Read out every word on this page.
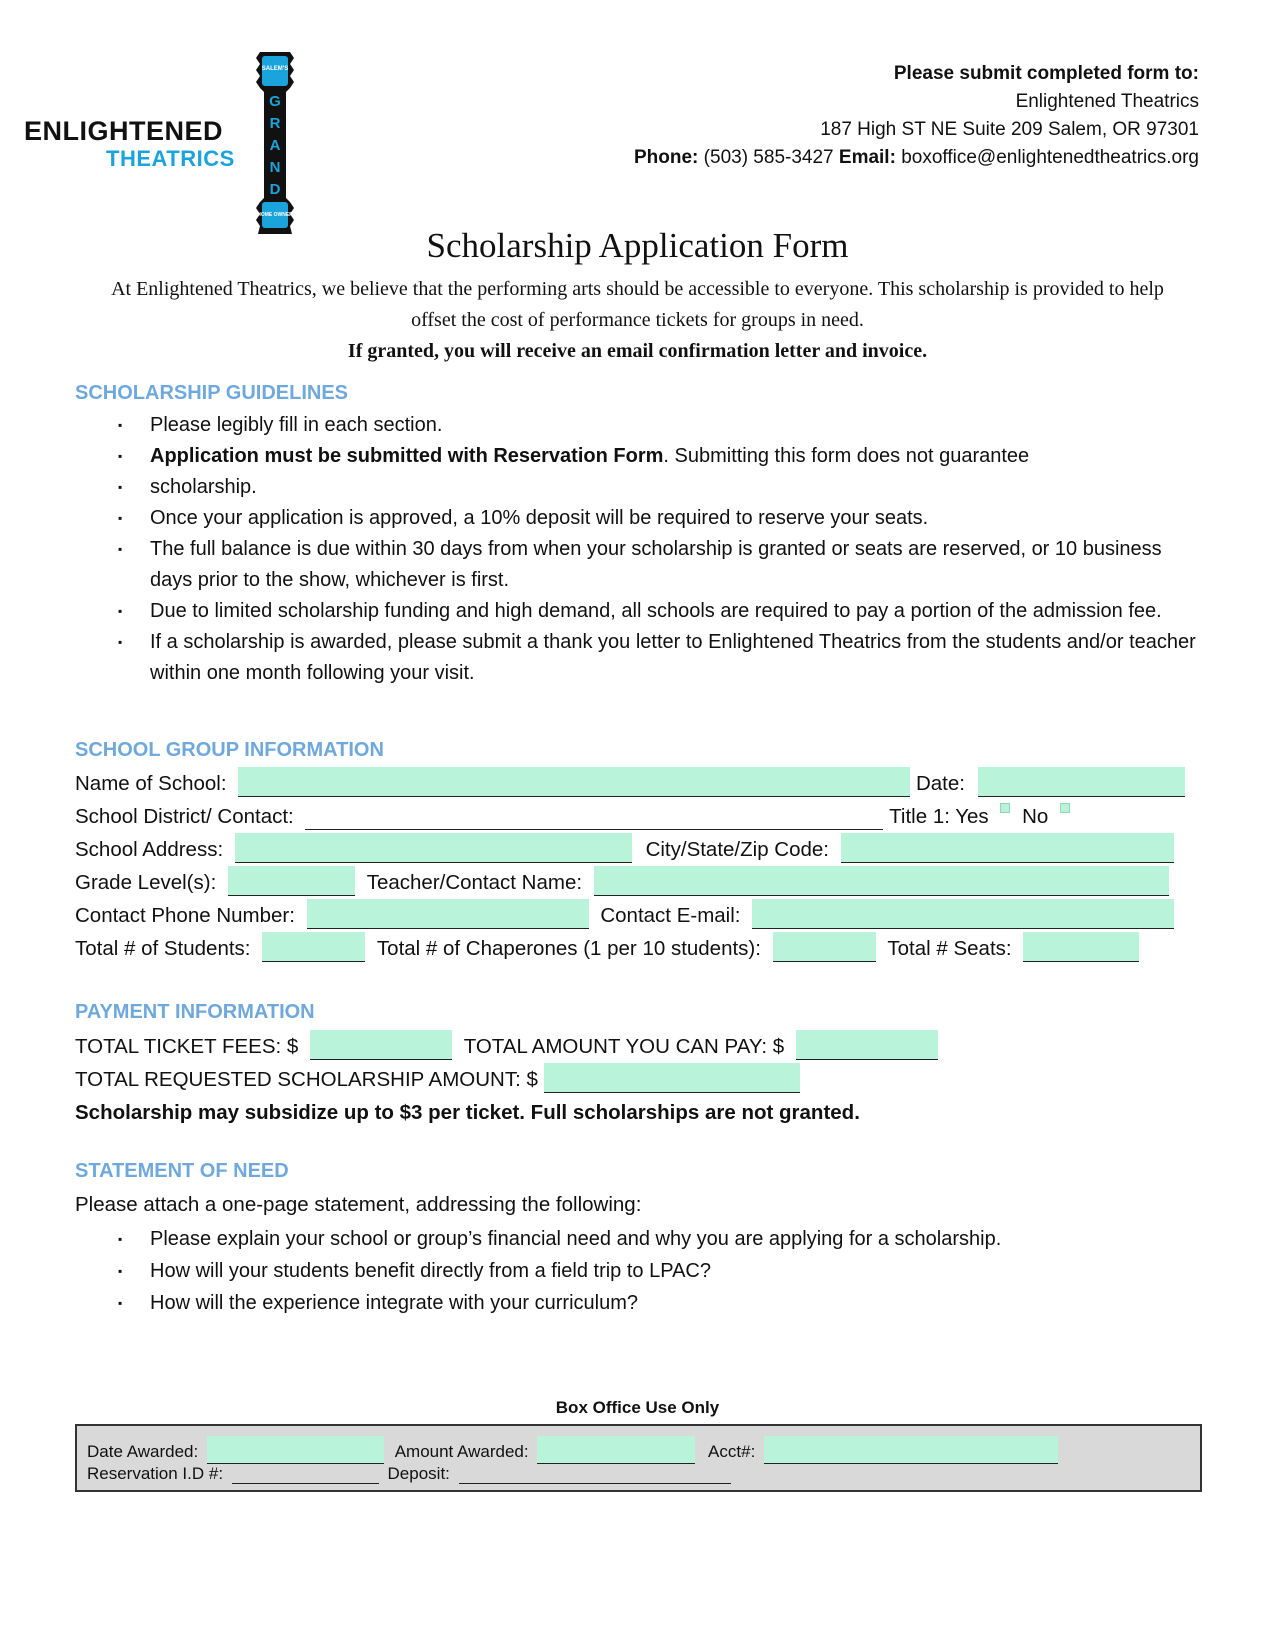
SALEM'S
G
R
A
N
D
HOME OWNER
ENLIGHTENED
THEATRICS
Please submit completed form to:
Enlightened Theatrics
187 High ST NE Suite 209 Salem, OR 97301
Phone: (503) 585-3427 Email: boxoffice@enlightenedtheatrics.org
Scholarship Application Form
At Enlightened Theatrics, we believe that the performing arts should be accessible to everyone. This scholarship is provided to help offset the cost of performance tickets for groups in need.
If granted, you will receive an email confirmation letter and invoice.
SCHOLARSHIP GUIDELINES
▪ Please legibly fill in each section.
▪ Application must be submitted with Reservation Form. Submitting this form does not guarantee
▪ scholarship.
▪ Once your application is approved, a 10% deposit will be required to reserve your seats.
▪ The full balance is due within 30 days from when your scholarship is granted or seats are reserved, or 10 business days prior to the show, whichever is first.
▪ Due to limited scholarship funding and high demand, all schools are required to pay a portion of the admission fee.
▪ If a scholarship is awarded, please submit a thank you letter to Enlightened Theatrics from the students and/or teacher within one month following your visit.
SCHOOL GROUP INFORMATION
Name of School:	Date:
School District/ Contact:	Title 1: Yes No
School Address:	City/State/Zip Code:
Grade Level(s):	Teacher/Contact Name:
Contact Phone Number:	Contact E-mail:
Total # of Students:	Total # of Chaperones (1 per 10 students):	Total # Seats:
PAYMENT INFORMATION
TOTAL TICKET FEES: $	TOTAL AMOUNT YOU CAN PAY: $
TOTAL REQUESTED SCHOLARSHIP AMOUNT: $
Scholarship may subsidize up to $3 per ticket. Full scholarships are not granted.
STATEMENT OF NEED
Please attach a one-page statement, addressing the following:
▪ Please explain your school or group’s financial need and why you are applying for a scholarship.
▪ How will your students benefit directly from a field trip to LPAC?
▪ How will the experience integrate with your curriculum?
Box Office Use Only
Date Awarded:	Amount Awarded:	Acct#:
Reservation I.D #:	Deposit:
